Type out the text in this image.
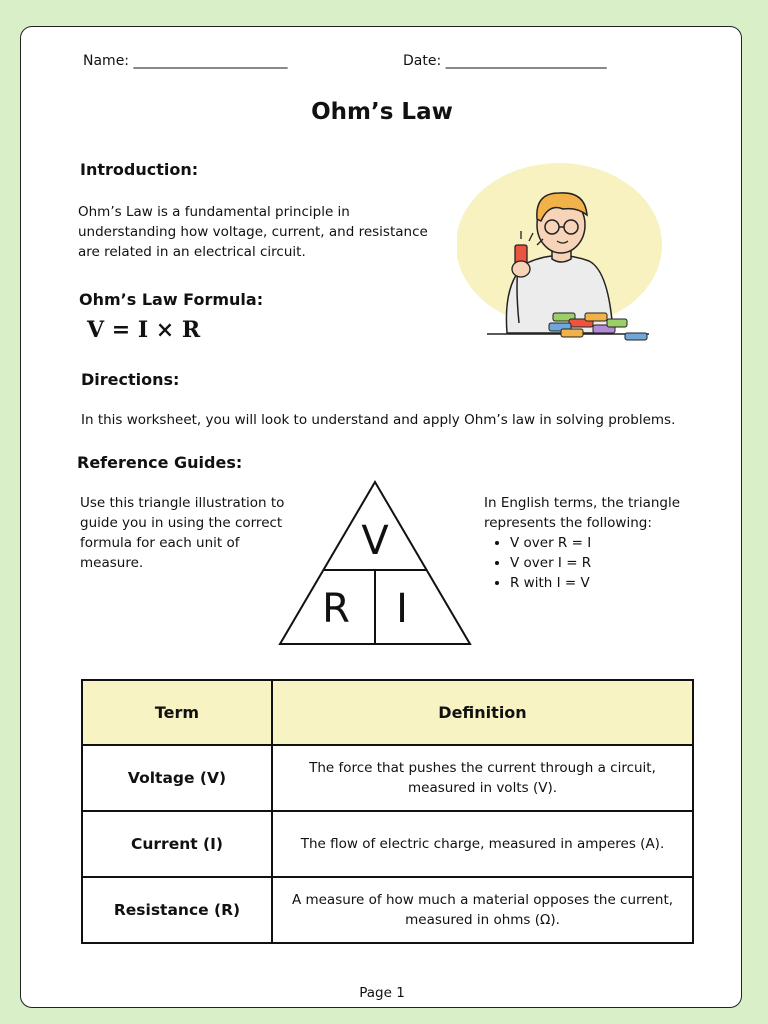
Name: ______________________	Date: _______________________
Ohm’s Law
Introduction:
Ohm’s Law is a fundamental principle in understanding how voltage, current, and resistance are related in an electrical circuit.
Ohm’s Law Formula:
V = I × R
Directions:
In this worksheet, you will look to understand and apply Ohm’s law in solving problems.
Reference Guides:
Use this triangle illustration to guide you in using the correct formula for each unit of measure.	V
R	I
In English terms, the triangle represents the following:
• V over R = I
• V over I = R
• R with I = V
Term	Definition
Voltage (V)	The force that pushes the current through a circuit, measured in volts (V).
Current (I)	The flow of electric charge, measured in amperes (A).
Resistance (R)	A measure of how much a material opposes the current, measured in ohms (Ω).
Page 1
